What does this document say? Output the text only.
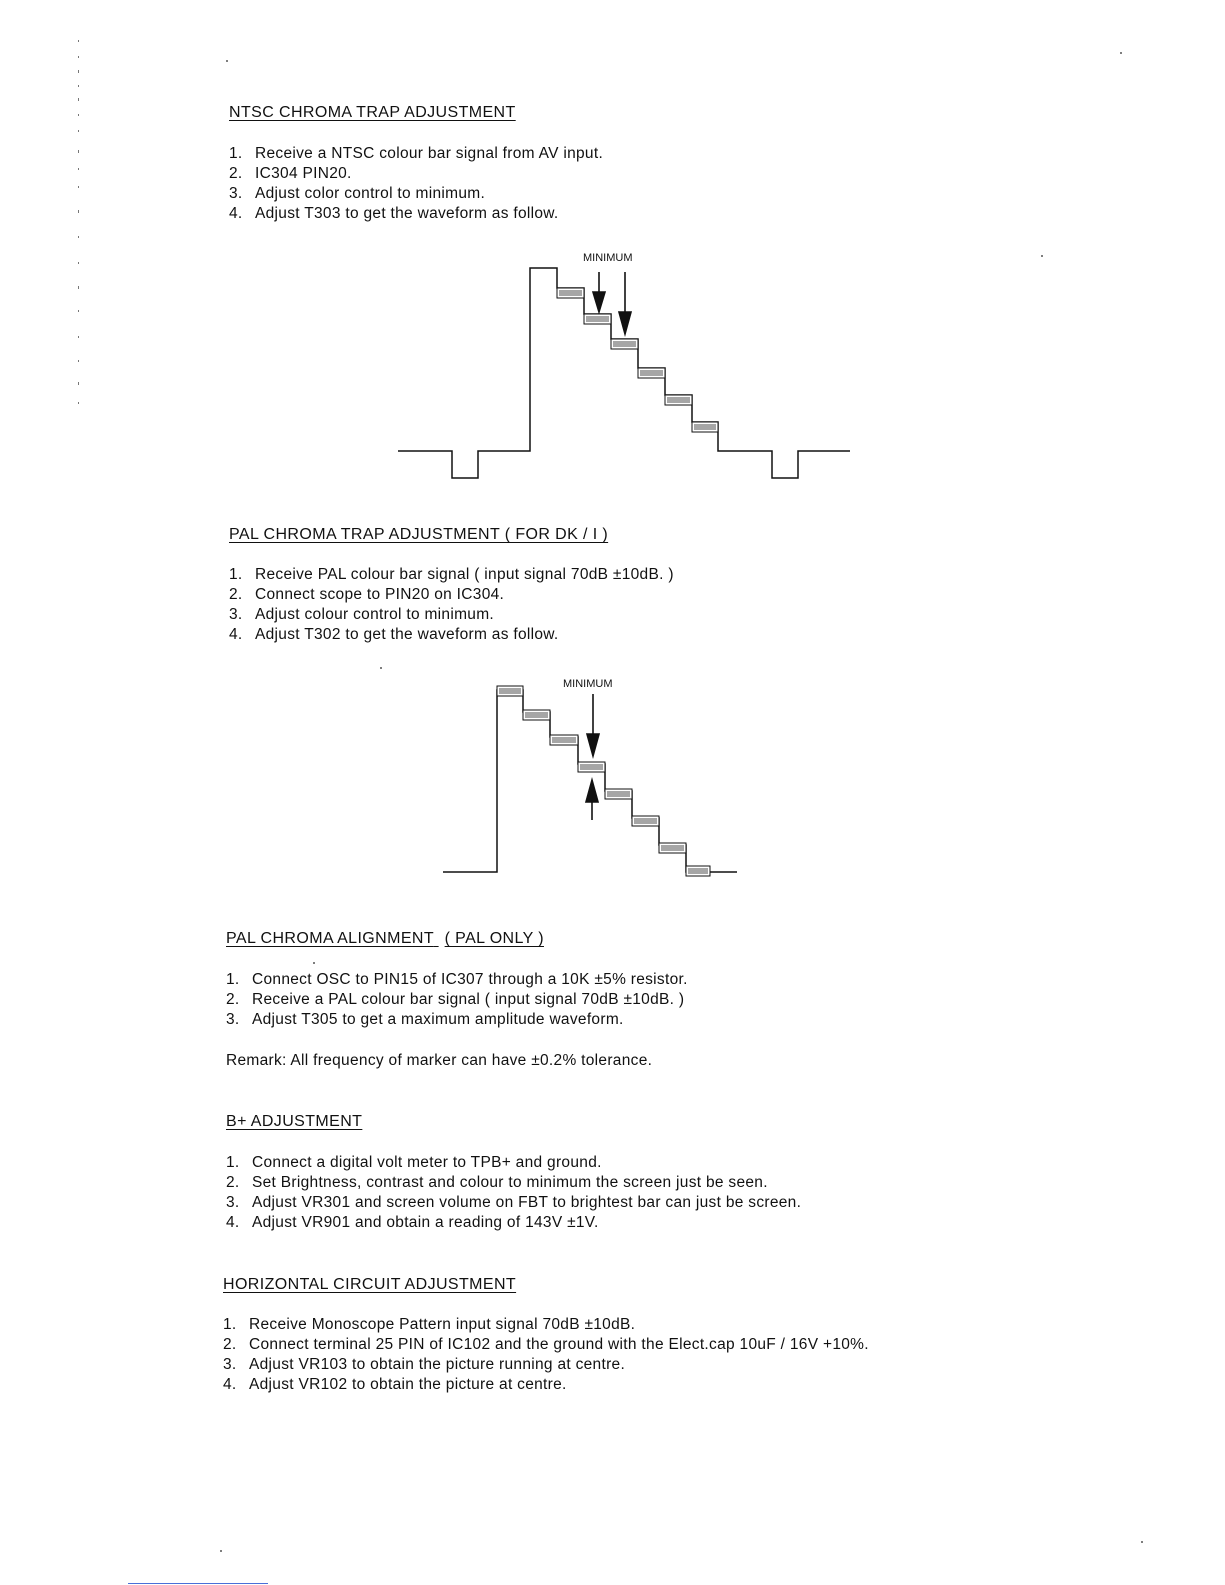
NTSC CHROMA TRAP ADJUSTMENT
1. Receive a NTSC colour bar signal from AV input.
2. IC304 PIN20.
3. Adjust color control to minimum.
4. Adjust T303 to get the waveform as follow.
MINIMUM
PAL CHROMA TRAP ADJUSTMENT ( FOR DK / I )
1. Receive PAL colour bar signal ( input signal 70dB ±10dB. )
2. Connect scope to PIN20 on IC304.
3. Adjust colour control to minimum.
4. Adjust T302 to get the waveform as follow.
MINIMUM
PAL CHROMA ALIGNMENT ( PAL ONLY )
1. Connect OSC to PIN15 of IC307 through a 10K ±5% resistor.
2. Receive a PAL colour bar signal ( input signal 70dB ±10dB. )
3. Adjust T305 to get a maximum amplitude waveform.

Remark: All frequency of marker can have ±0.2% tolerance.

B+ ADJUSTMENT
1. Connect a digital volt meter to TPB+ and ground.
2. Set Brightness, contrast and colour to minimum the screen just be seen.
3. Adjust VR301 and screen volume on FBT to brightest bar can just be screen.
4. Adjust VR901 and obtain a reading of 143V ±1V.
HORIZONTAL CIRCUIT ADJUSTMENT
1. Receive Monoscope Pattern input signal 70dB ±10dB.
2. Connect terminal 25 PIN of IC102 and the ground with the Elect.cap 10uF / 16V +10%.
3. Adjust VR103 to obtain the picture running at centre.
4. Adjust VR102 to obtain the picture at centre.
